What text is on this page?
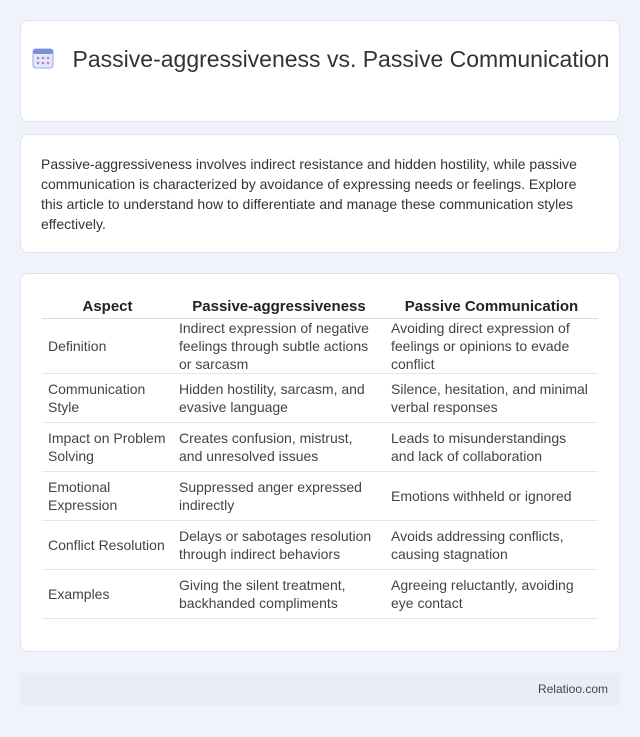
Passive-aggressiveness vs. Passive Communication

Passive-aggressiveness involves indirect resistance and hidden hostility, while passive communication is characterized by avoidance of expressing needs or feelings. Explore this article to understand how to differentiate and manage these communication styles effectively.

Aspect	Passive-aggressiveness	Passive Communication
Definition	Indirect expression of negative feelings through subtle actions or sarcasm	Avoiding direct expression of feelings or opinions to evade conflict
Communication Style	Hidden hostility, sarcasm, and evasive language	Silence, hesitation, and minimal verbal responses
Impact on Problem Solving	Creates confusion, mistrust, and unresolved issues	Leads to misunderstandings and lack of collaboration
Emotional Expression	Suppressed anger expressed indirectly	Emotions withheld or ignored
Conflict Resolution	Delays or sabotages resolution through indirect behaviors	Avoids addressing conflicts, causing stagnation
Examples	Giving the silent treatment, backhanded compliments	Agreeing reluctantly, avoiding eye contact
Relatioo.com
